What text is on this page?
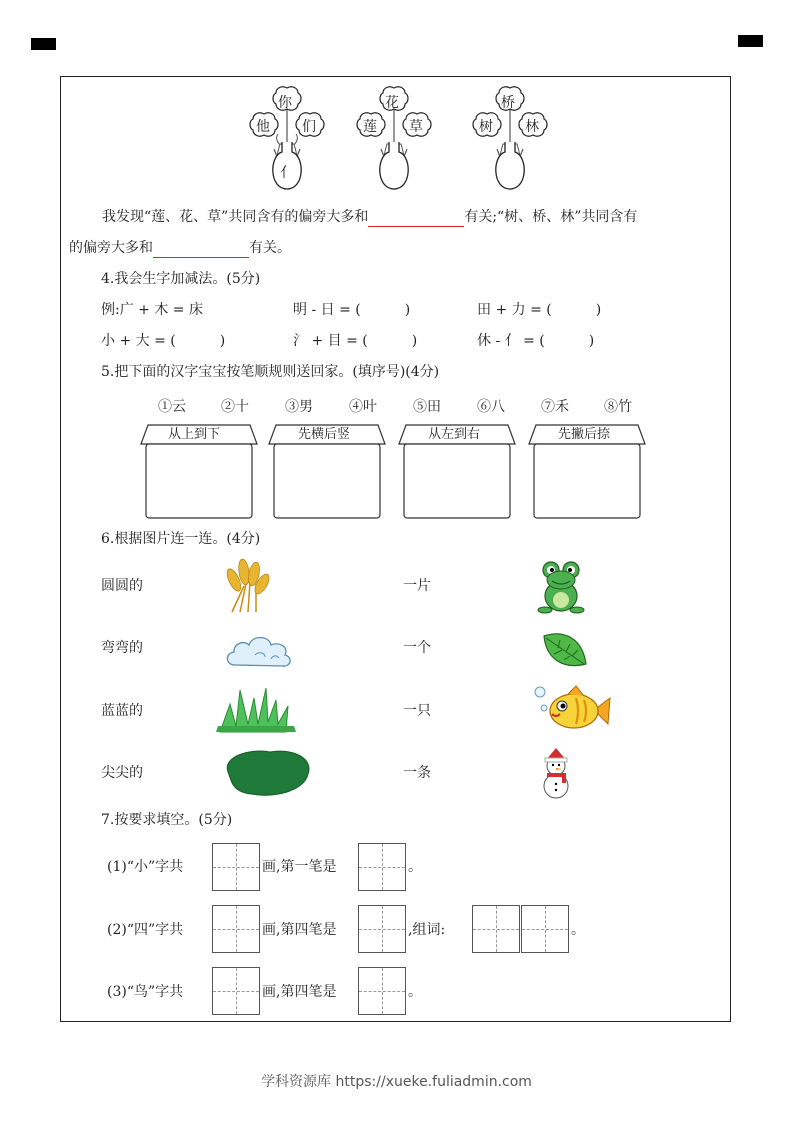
你
他 们
亻
花
莲 草
桥
树 林
我发现“莲、花、草”共同含有的偏旁大多和	有关;“树、桥、林”共同含有
的偏旁大多和	有关。
4.我会生字加减法。(5分)
例:广 + 木 = 床	明 - 日 = (	)	田 + 力 = (	)
小 + 大 = (	)	氵 + 目 = (	)	休 - 亻 = (	)
5.把下面的汉字宝宝按笔顺规则送回家。(填序号)(4分)
①云	②十	③男	④叶	⑤田	⑥八	⑦禾	⑧竹
从上到下	先横后竖	从左到右	先撇后捺
6.根据图片连一连。(4分)
圆圆的
弯弯的
蓝蓝的
尖尖的
一片
一个
一只
一条
7.按要求填空。(5分)
(1)“小”字共	画,第一笔是	。
(2)“四”字共	画,第四笔是	,组词:	。
(3)“鸟”字共	画,第四笔是	。
学科资源库 https://xueke.fuliadmin.com
